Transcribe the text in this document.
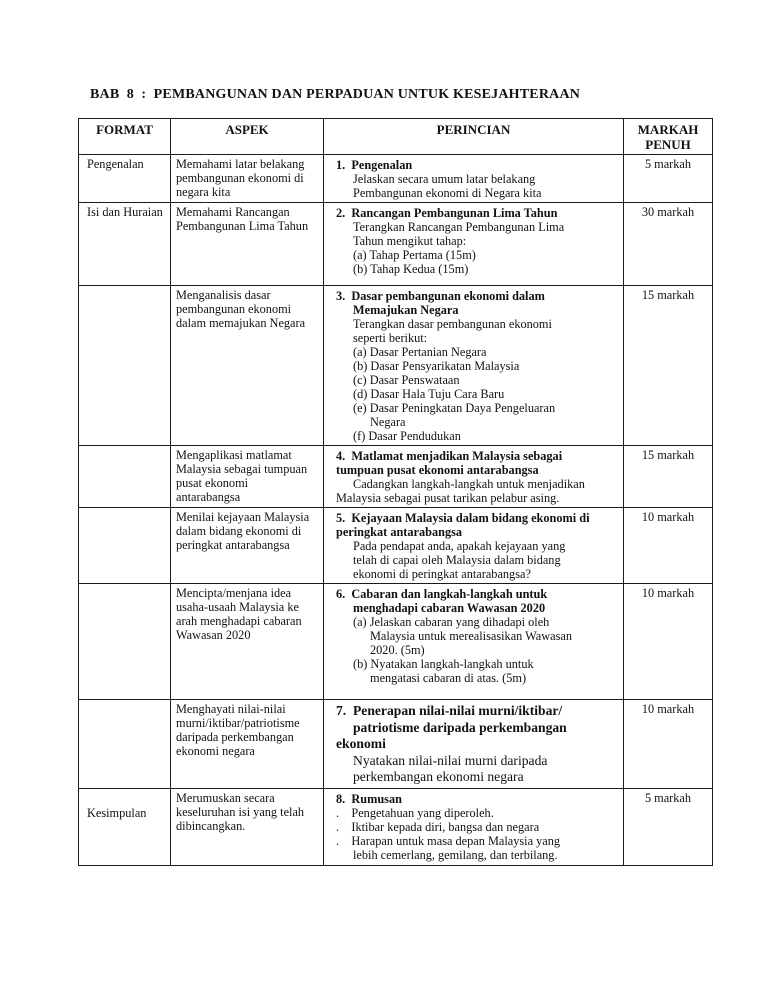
BAB  8  :  PEMBANGUNAN DAN PERPADUAN UNTUK KESEJAHTERAAN
FORMAT	ASPEK	PERINCIAN	MARKAH PENUH
Pengenalan	Memahami latar belakang pembangunan ekonomi di negara kita	1.  Pengenalan
Jelaskan secara umum latar belakang
Pembangunan ekonomi di Negara kita	5 markah
Isi dan Huraian	Memahami Rancangan Pembangunan Lima Tahun	2.  Rancangan Pembangunan Lima Tahun
Terangkan Rancangan Pembangunan Lima
Tahun mengikut tahap:
(a) Tahap Pertama (15m)
(b) Tahap Kedua (15m)	30 markah
	Menganalisis dasar pembangunan ekonomi dalam memajukan Negara	
3.  Dasar pembangunan ekonomi dalam
Memajukan Negara
Terangkan dasar pembangunan ekonomi
seperti berikut:
(a) Dasar Pertanian Negara
(b) Dasar Pensyarikatan Malaysia
(c) Dasar Penswataan
(d) Dasar Hala Tuju Cara Baru
(e) Dasar Peningkatan Daya Pengeluaran
Negara
(f) Dasar Pendudukan
	15 markah
	Mengaplikasi matlamat Malaysia sebagai tumpuan pusat ekonomi antarabangsa	4.  Matlamat menjadikan Malaysia sebagai
tumpuan pusat ekonomi antarabangsa
Cadangkan langkah-langkah untuk menjadikan
Malaysia sebagai pusat tarikan pelabur asing.	15 markah
	Menilai kejayaan Malaysia dalam bidang ekonomi di peringkat antarabangsa	5.  Kejayaan Malaysia dalam bidang ekonomi di
peringkat antarabangsa
Pada pendapat anda, apakah kejayaan yang
telah di capai oleh Malaysia dalam bidang
ekonomi di peringkat antarabangsa?	10 markah
	Mencipta/menjana idea usaha-usaah Malaysia ke arah menghadapi cabaran Wawasan 2020	
6.  Cabaran dan langkah-langkah untuk
menghadapi cabaran Wawasan 2020
(a) Jelaskan cabaran yang dihadapi oleh
Malaysia untuk merealisasikan Wawasan
2020. (5m)
(b) Nyatakan langkah-langkah untuk
mengatasi cabaran di atas. (5m)
	10 markah
	Menghayati nilai-nilai murni/iktibar/patriotisme daripada perkembangan ekonomi negara	7.  Penerapan nilai-nilai murni/iktibar/
patriotisme daripada perkembangan
ekonomi
Nyatakan nilai-nilai murni daripada
perkembangan ekonomi negara	10 markah
Kesimpulan	Merumuskan secara keseluruhan isi yang telah dibincangkan.	8.  Rumusan
.    Pengetahuan yang diperoleh.
.    Iktibar kepada diri, bangsa dan negara
.    Harapan untuk masa depan Malaysia yang
lebih cemerlang, gemilang, dan terbilang.	5 markah
